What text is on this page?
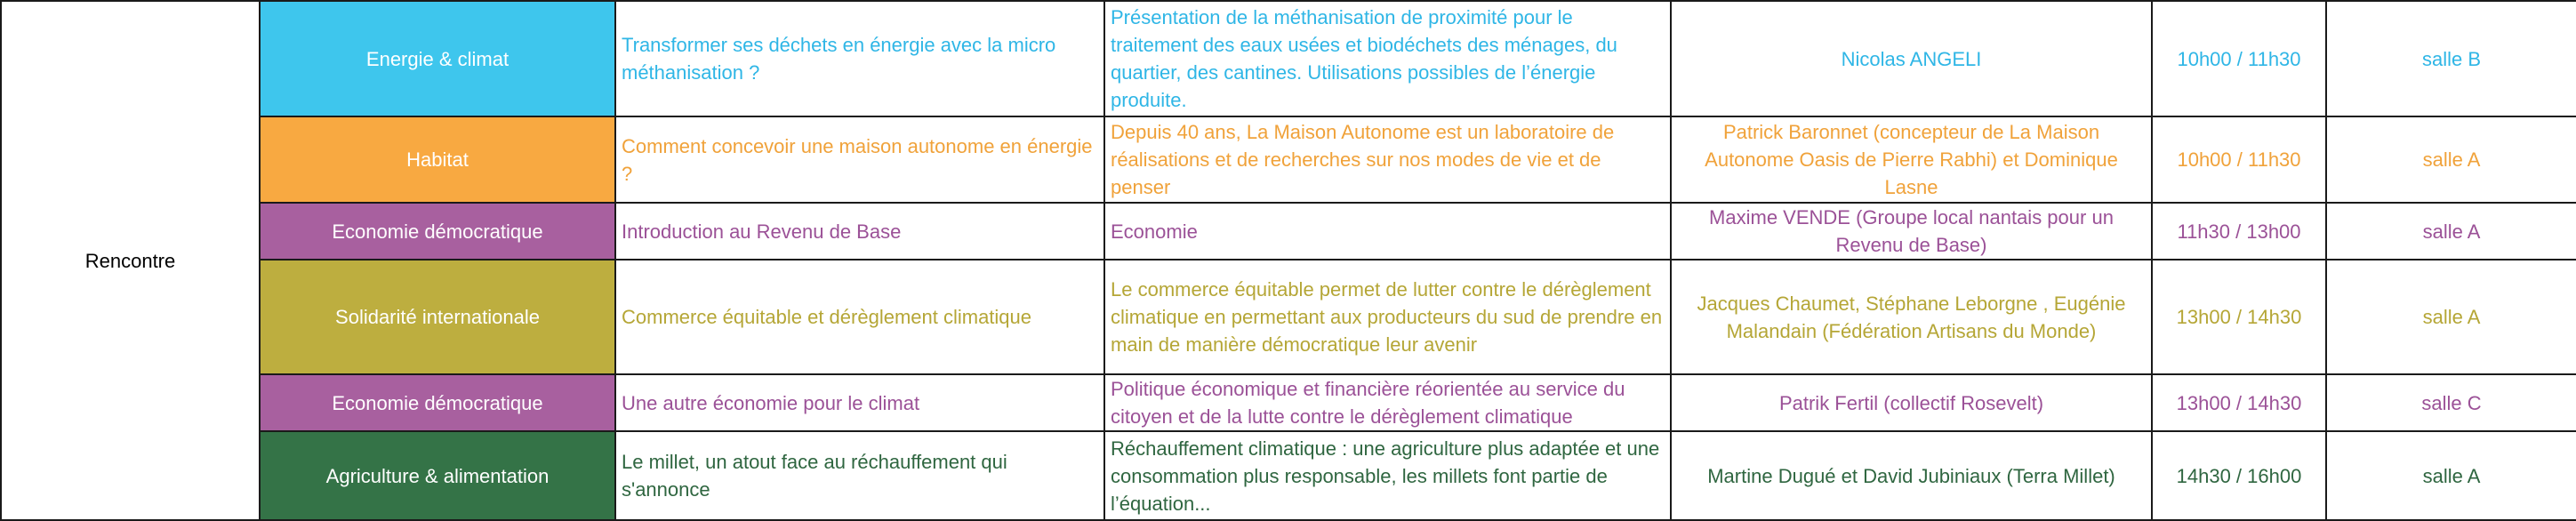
Rencontre	Energie & climat	Transformer ses déchets en énergie avec la micro méthanisation ?	Présentation de la méthanisation de proximité pour le traitement des eaux usées et biodéchets des ménages, du quartier, des cantines. Utilisations possibles de l’énergie produite.	Nicolas ANGELI	10h00 / 11h30	salle B
	Habitat	Comment concevoir une maison autonome en énergie ?	Depuis 40 ans, La Maison Autonome est un laboratoire de réalisations et de recherches sur nos modes de vie et de penser	Patrick Baronnet (concepteur de La Maison Autonome Oasis de Pierre Rabhi) et Dominique Lasne	10h00 / 11h30	salle A
	Economie démocratique	Introduction au Revenu de Base	Economie	Maxime VENDE (Groupe local nantais pour un Revenu de Base)	11h30 / 13h00	salle A
	Solidarité internationale	Commerce équitable et dérèglement climatique	Le commerce équitable permet de lutter contre le dérèglement climatique en permettant aux producteurs du sud de prendre en main de manière démocratique leur avenir	Jacques Chaumet, Stéphane Leborgne , Eugénie Malandain (Fédération Artisans du Monde)	13h00 / 14h30	salle A
	Economie démocratique	Une autre économie pour le climat	Politique économique et financière réorientée au service du citoyen et de la lutte contre le dérèglement climatique	Patrik Fertil (collectif Rosevelt)	13h00 / 14h30	salle C
	Agriculture & alimentation	Le millet, un atout face au réchauffement qui s'annonce	Réchauffement climatique : une agriculture plus adaptée et une consommation plus responsable, les millets font partie de l’équation...	Martine Dugué et David Jubiniaux (Terra Millet)	14h30 / 16h00	salle A
